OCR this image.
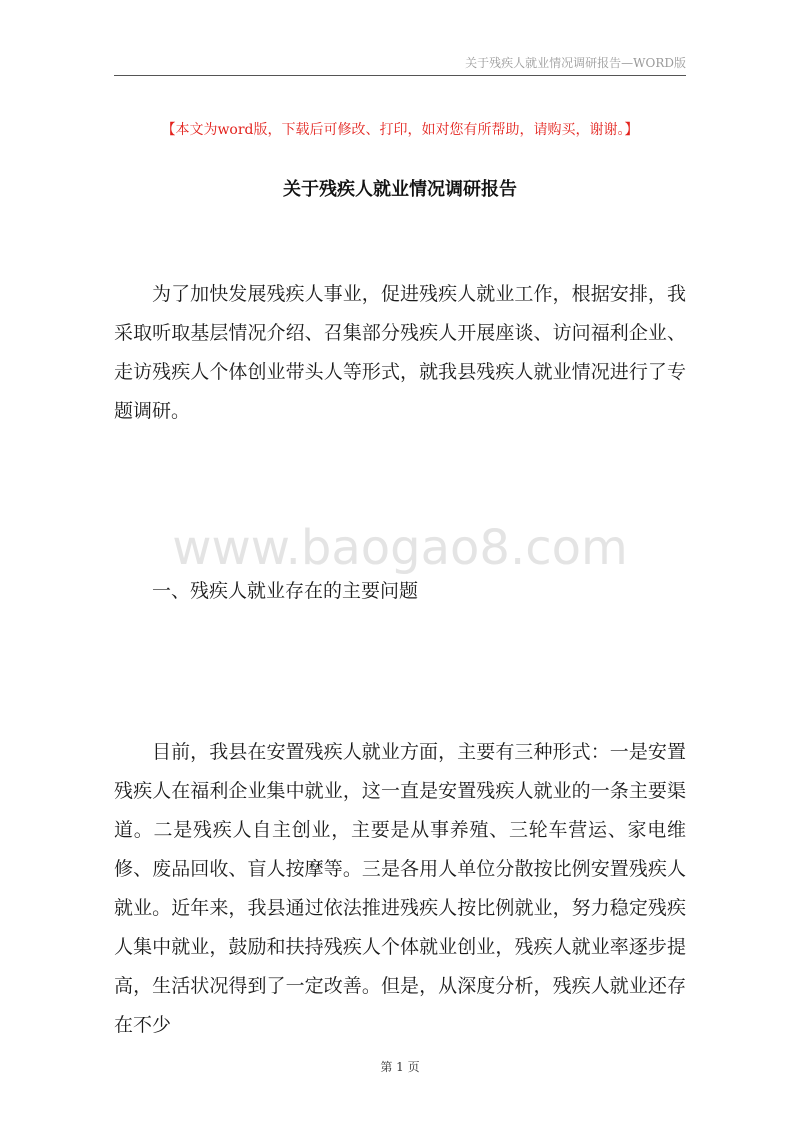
关于残疾人就业情况调研报告—WORD版
【本文为word版，下载后可修改、打印，如对您有所帮助，请购买，谢谢。】
关于残疾人就业情况调研报告
www.baogao8.com

为了加快发展残疾人事业，促进残疾人就业工作，根据安排，我采取听取基层情况介绍、召集部分残疾人开展座谈、访问福利企业、走访残疾人个体创业带头人等形式，就我县残疾人就业情况进行了专题调研。

一、残疾人就业存在的主要问题

目前，我县在安置残疾人就业方面，主要有三种形式：一是安置残疾人在福利企业集中就业，这一直是安置残疾人就业的一条主要渠道。二是残疾人自主创业，主要是从事养殖、三轮车营运、家电维修、废品回收、盲人按摩等。三是各用人单位分散按比例安置残疾人就业。近年来，我县通过依法推进残疾人按比例就业，努力稳定残疾人集中就业，鼓励和扶持残疾人个体就业创业，残疾人就业率逐步提高，生活状况得到了一定改善。但是，从深度分析，残疾人就业还存在不少

第 1 页
